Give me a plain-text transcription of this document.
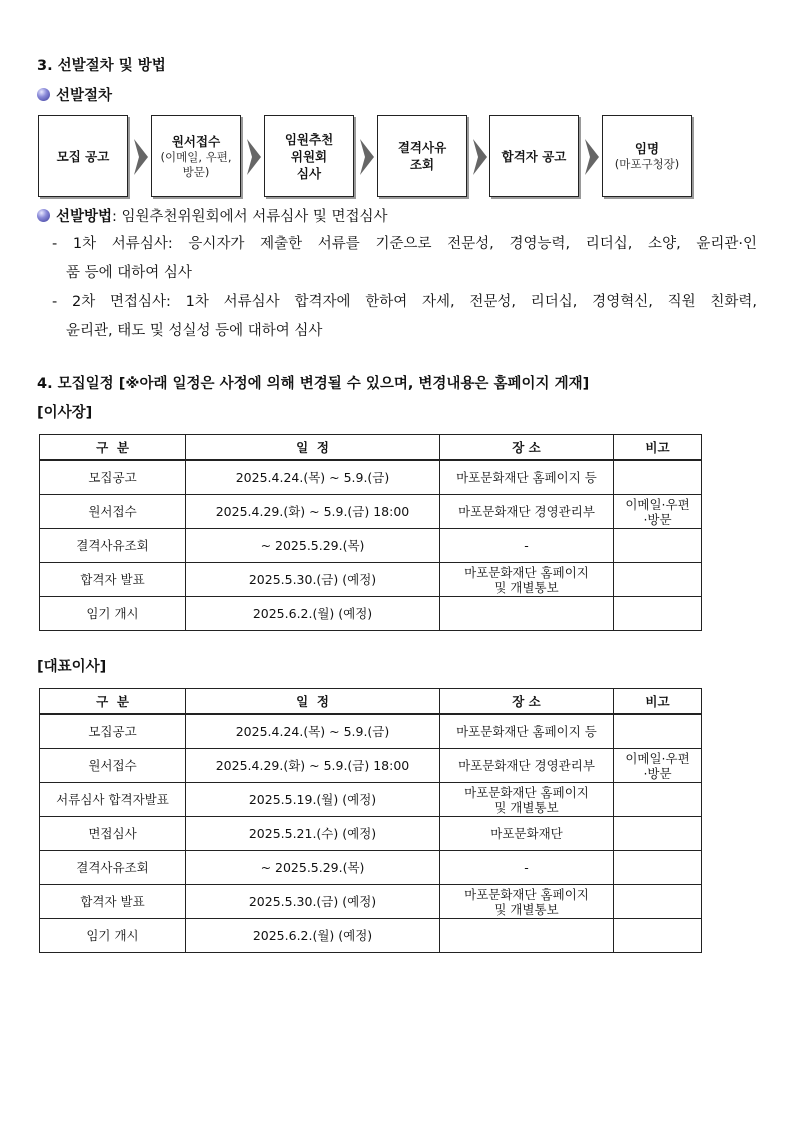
3. 선발절차 및 방법
선발절차
모집 공고
원서접수
(이메일, 우편,
방문)
임원추천
위원회
심사
결격사유
조회
합격자 공고	임명
(마포구청장)
선발방법 : 임원추천위원회에서 서류심사 및 면접심사
- 1차 서류심사: 응시자가 제출한 서류를 기준으로 전문성, 경영능력, 리더십, 소양, 윤리관·인
품 등에 대하여 심사
- 2차 면접심사: 1차 서류심사 합격자에 한하여 자세, 전문성, 리더십, 경영혁신, 직원 친화력,
윤리관, 태도 및 성실성 등에 대하여 심사
4. 모집일정 [※아래 일정은 사정에 의해 변경될 수 있으며, 변경내용은 홈페이지 게재]
[이사장]
구  분	일  정	장 소	비고
모집공고	2025.4.24.(목) ~ 5.9.(금)	마포문화재단 홈페이지 등	
원서접수	2025.4.29.(화) ~ 5.9.(금) 18:00	마포문화재단 경영관리부	이메일·우편
·방문
결격사유조회	~ 2025.5.29.(목)	-	
합격자 발표	2025.5.30.(금) (예정)	마포문화재단 홈페이지
및 개별통보	
임기 개시	2025.6.2.(월) (예정)		
[대표이사]
구  분	일  정	장 소	비고
모집공고	2025.4.24.(목) ~ 5.9.(금)	마포문화재단 홈페이지 등	
원서접수	2025.4.29.(화) ~ 5.9.(금) 18:00	마포문화재단 경영관리부	이메일·우편
·방문
서류심사 합격자발표	2025.5.19.(월) (예정)	마포문화재단 홈페이지
및 개별통보	
면접심사	2025.5.21.(수) (예정)	마포문화재단	
결격사유조회	~ 2025.5.29.(목)	-	
합격자 발표	2025.5.30.(금) (예정)	마포문화재단 홈페이지
및 개별통보	
임기 개시	2025.6.2.(월) (예정)		
